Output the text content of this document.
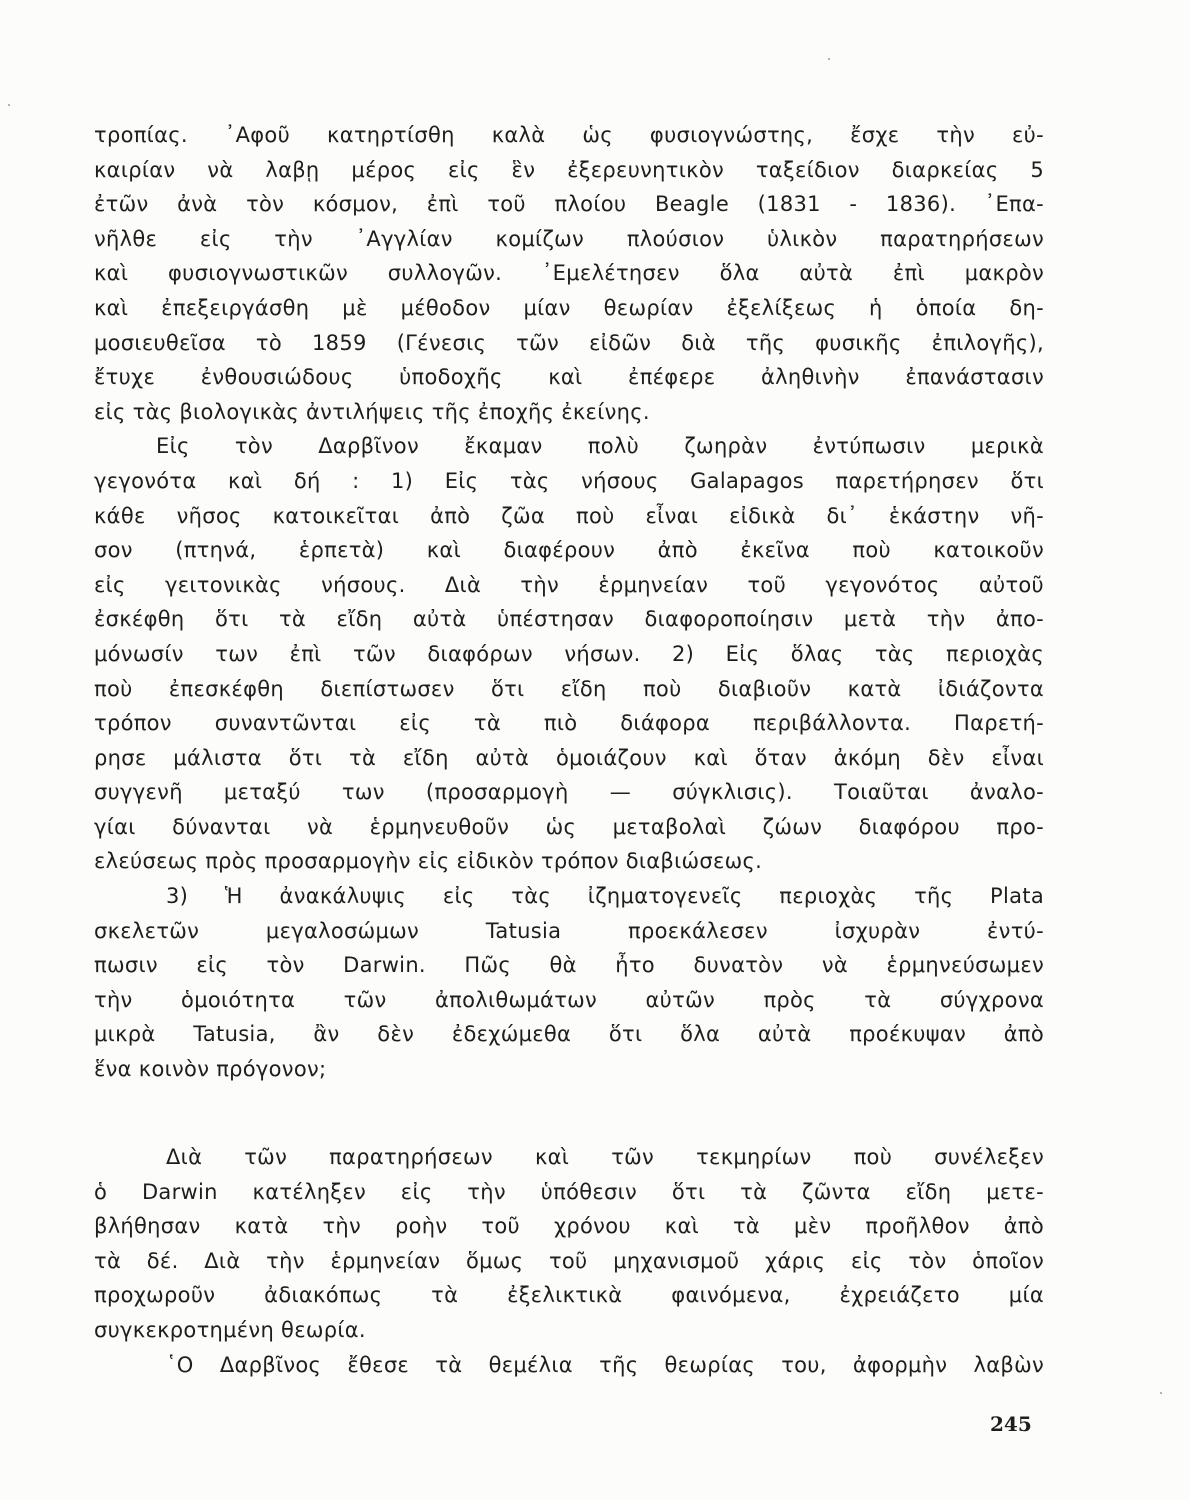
τροπίας. ᾿Αφοῦ κατηρτίσθη καλὰ ὡς φυσιογνώστης, ἔσχε τὴν εὐ-
καιρίαν νὰ λαβῃ μέρος εἰς ἓν ἐξερευνητικὸν ταξείδιον διαρκείας 5
ἐτῶν ἀνὰ τὸν κόσμον, ἐπὶ τοῦ πλοίου Beagle (1831 - 1836). ᾿Επα-
νῆλθε εἰς τὴν ᾿Αγγλίαν κομίζων πλούσιον ὑλικὸν παρατηρήσεων
καὶ φυσιογνωστικῶν συλλογῶν. ᾿Εμελέτησεν ὅλα αὐτὰ ἐπὶ μακρὸν
καὶ ἐπεξειργάσθη μὲ μέθοδον μίαν θεωρίαν ἐξελίξεως ἡ ὁποία δη-
μοσιευθεῖσα τὸ 1859 (Γένεσις τῶν εἰδῶν διὰ τῆς φυσικῆς ἐπιλογῆς),
ἔτυχε ἐνθουσιώδους ὑποδοχῆς καὶ ἐπέφερε ἀληθινὴν ἐπανάστασιν
εἰς τὰς βιολογικὰς ἀντιλήψεις τῆς ἐποχῆς ἐκείνης.
Εἰς τὸν Δαρβῖνον ἔκαμαν πολὺ ζωηρὰν ἐντύπωσιν μερικὰ
γεγονότα καὶ δή : 1) Εἰς τὰς νήσους Galapagos παρετήρησεν ὅτι
κάθε νῆσος κατοικεῖται ἀπὸ ζῶα ποὺ εἶναι εἰδικὰ δι᾿ ἑκάστην νῆ-
σον (πτηνά, ἑρπετὰ) καὶ διαφέρουν ἀπὸ ἐκεῖνα ποὺ κατοικοῦν
εἰς γειτονικὰς νήσους. Διὰ τὴν ἑρμηνείαν τοῦ γεγονότος αὐτοῦ
ἐσκέφθη ὅτι τὰ εἴδη αὐτὰ ὑπέστησαν διαφοροποίησιν μετὰ τὴν ἀπο-
μόνωσίν των ἐπὶ τῶν διαφόρων νήσων. 2) Εἰς ὅλας τὰς περιοχὰς
ποὺ ἐπεσκέφθη διεπίστωσεν ὅτι εἴδη ποὺ διαβιοῦν κατὰ ἰδιάζοντα
τρόπον συναντῶνται εἰς τὰ πιὸ διάφορα περιβάλλοντα. Παρετή-
ρησε μάλιστα ὅτι τὰ εἴδη αὐτὰ ὁμοιάζουν καὶ ὅταν ἀκόμη δὲν εἶναι
συγγενῆ μεταξύ των (προσαρμογὴ — σύγκλισις). Τοιαῦται ἀναλο-
γίαι δύνανται νὰ ἑρμηνευθοῦν ὡς μεταβολαὶ ζώων διαφόρου προ-
ελεύσεως πρὸς προσαρμογὴν εἰς εἰδικὸν τρόπον διαβιώσεως.
3) Ἡ ἀνακάλυψις εἰς τὰς ἰζηματογενεῖς περιοχὰς τῆς Plata
σκελετῶν μεγαλοσώμων Tatusia προεκάλεσεν ἰσχυρὰν ἐντύ-
πωσιν εἰς τὸν Darwin. Πῶς θὰ ἦτο δυνατὸν νὰ ἑρμηνεύσωμεν
τὴν ὁμοιότητα τῶν ἀπολιθωμάτων αὐτῶν πρὸς τὰ σύγχρονα
μικρὰ Tatusia, ἂν δὲν ἐδεχώμεθα ὅτι ὅλα αὐτὰ προέκυψαν ἀπὸ
ἕνα κοινὸν πρόγονον;
Διὰ τῶν παρατηρήσεων καὶ τῶν τεκμηρίων ποὺ συνέλεξεν
ὁ Darwin κατέληξεν εἰς τὴν ὑπόθεσιν ὅτι τὰ ζῶντα εἴδη μετε-
βλήθησαν κατὰ τὴν ροὴν τοῦ χρόνου καὶ τὰ μὲν προῆλθον ἀπὸ
τὰ δέ. Διὰ τὴν ἑρμηνείαν ὅμως τοῦ μηχανισμοῦ χάρις εἰς τὸν ὁποῖον
προχωροῦν ἀδιακόπως τὰ ἐξελικτικὰ φαινόμενα, ἐχρειάζετο μία
συγκεκροτημένη θεωρία.
῾Ο Δαρβῖνος ἔθεσε τὰ θεμέλια τῆς θεωρίας του, ἀφορμὴν λαβὼν
245
